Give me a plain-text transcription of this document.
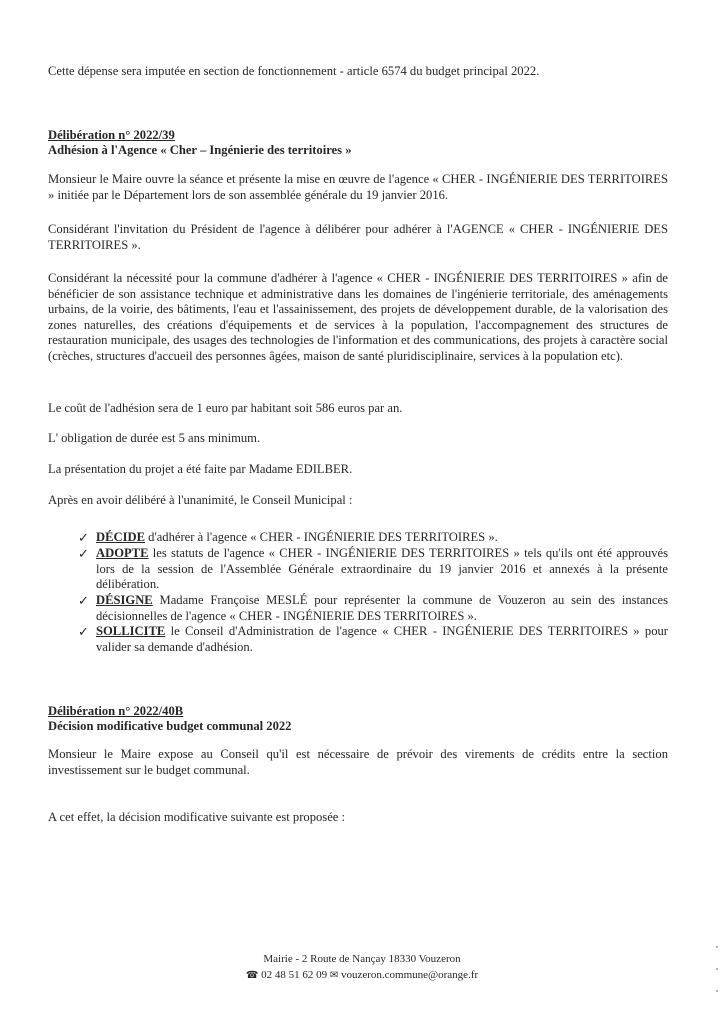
Cette dépense sera imputée en section de fonctionnement - article 6574 du budget principal 2022.

Délibération n° 2022/39

Adhésion à l'Agence « Cher – Ingénierie des territoires »

Monsieur le Maire ouvre la séance et présente la mise en œuvre de l'agence « CHER - INGÉNIERIE DES TERRITOIRES » initiée par le Département lors de son assemblée générale du 19 janvier 2016.

Considérant l'invitation du Président de l'agence à délibérer pour adhérer à l'AGENCE « CHER - INGÉNIERIE DES TERRITOIRES ».

Considérant la nécessité pour la commune d'adhérer à l'agence « CHER - INGÉNIERIE DES TERRITOIRES » afin de bénéficier de son assistance technique et administrative dans les domaines de l'ingénierie territoriale, des aménagements urbains, de la voirie, des bâtiments, l'eau et l'assainissement, des projets de développement durable, de la valorisation des zones naturelles, des créations d'équipements et de services à la population, l'accompagnement des structures de restauration municipale, des usages des technologies de l'information et des communications, des projets à caractère social (crèches, structures d'accueil des personnes âgées, maison de santé pluridisciplinaire, services à la population etc).

Le coût de l'adhésion sera de 1 euro par habitant soit 586 euros par an.

L' obligation de durée est 5 ans minimum.

La présentation du projet a été faite par Madame EDILBER.

Après en avoir délibéré à l'unanimité, le Conseil Municipal :

✓ DÉCIDE d'adhérer à l'agence « CHER - INGÉNIERIE DES TERRITOIRES ».

✓ ADOPTE les statuts de l'agence « CHER - INGÉNIERIE DES TERRITOIRES » tels qu'ils ont été approuvés lors de la session de l'Assemblée Générale extraordinaire du 19 janvier 2016 et annexés à la présente délibération.

✓ DÉSIGNE Madame Françoise MESLÉ pour représenter la commune de Vouzeron au sein des instances décisionnelles de l'agence « CHER - INGÉNIERIE DES TERRITOIRES ».

✓ SOLLICITE le Conseil d'Administration de l'agence « CHER - INGÉNIERIE DES TERRITOIRES » pour valider sa demande d'adhésion.

Délibération n° 2022/40B

Décision modificative budget communal 2022

Monsieur le Maire expose au Conseil qu'il est nécessaire de prévoir des virements de crédits entre la section investissement sur le budget communal.

A cet effet, la décision modificative suivante est proposée :

Mairie - 2 Route de Nançay 18330 Vouzeron
☎ 02 48 51 62 09 ✉ vouzeron.commune@orange.fr
